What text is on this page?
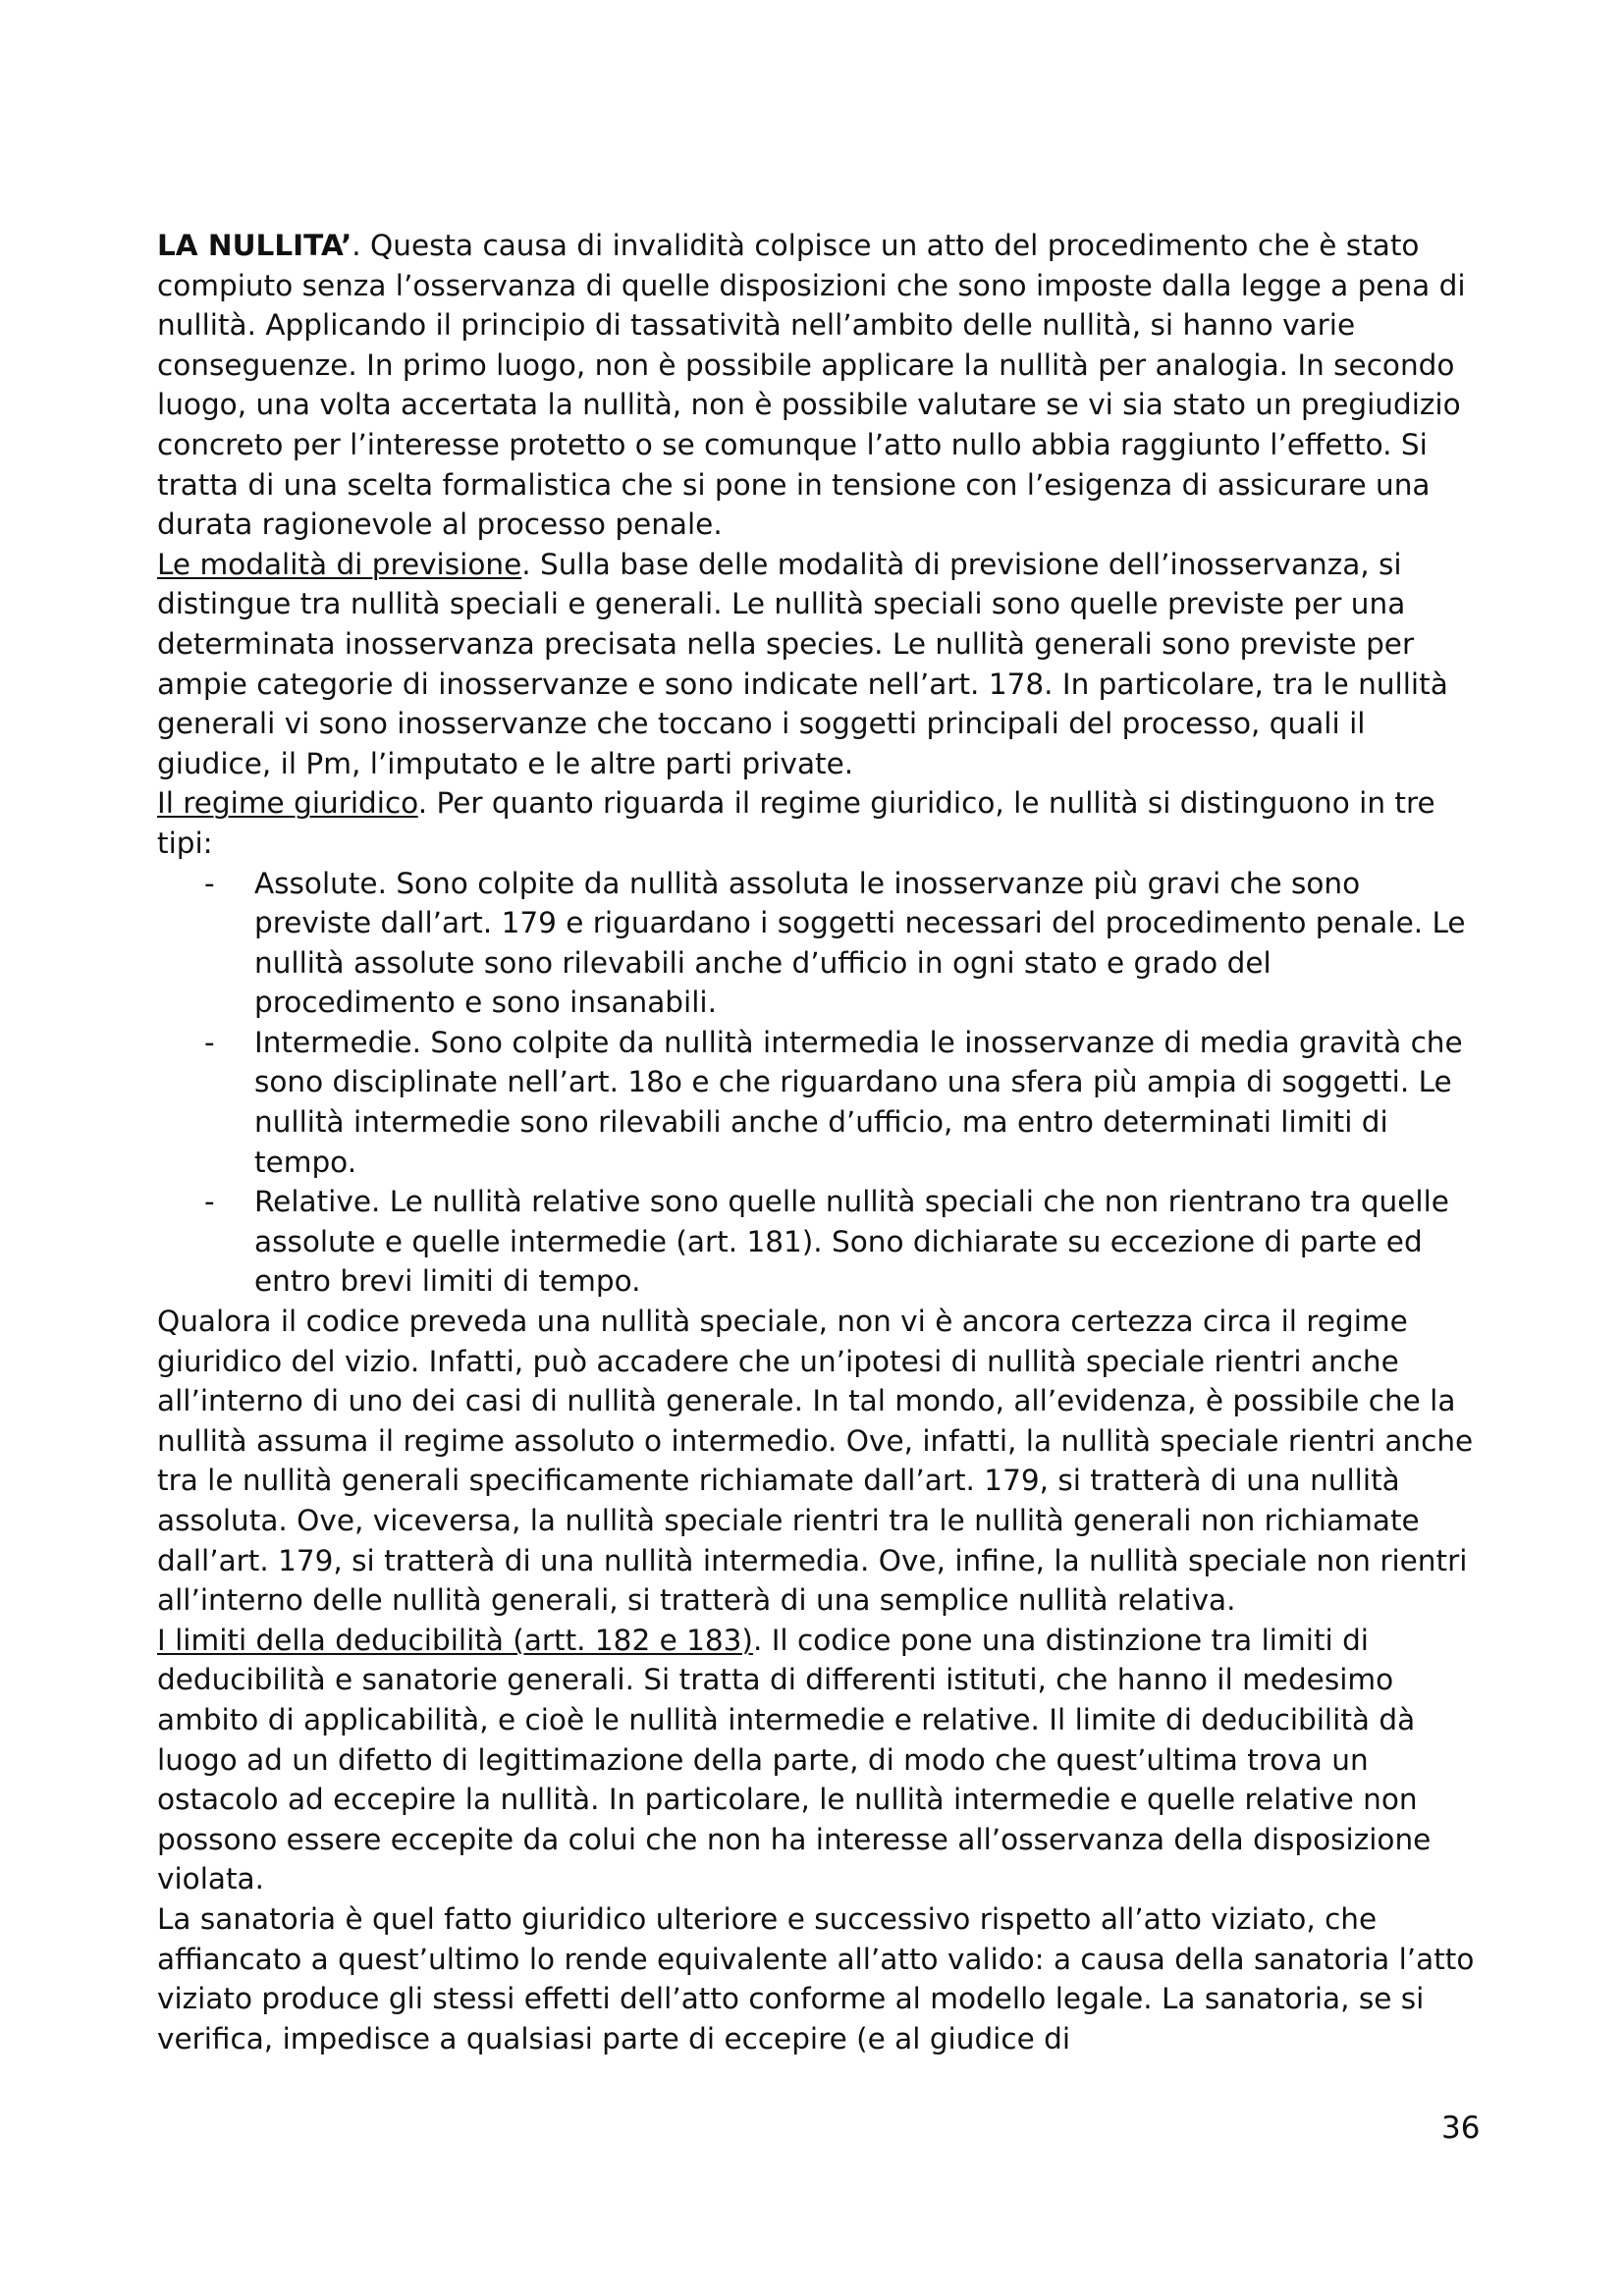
LA NULLITA’. Questa causa di invalidità colpisce un atto del procedimento che è stato compiuto senza l’osservanza di quelle disposizioni che sono imposte dalla legge a pena di nullità. Applicando il principio di tassatività nell’ambito delle nullità, si hanno varie conseguenze. In primo luogo, non è possibile applicare la nullità per analogia. In secondo luogo, una volta accertata la nullità, non è possibile valutare se vi sia stato un pregiudizio concreto per l’interesse protetto o se comunque l’atto nullo abbia raggiunto l’effetto. Si tratta di una scelta formalistica che si pone in tensione con l’esigenza di assicurare una durata ragionevole al processo penale.

Le modalità di previsione. Sulla base delle modalità di previsione dell’inosservanza, si distingue tra nullità speciali e generali. Le nullità speciali sono quelle previste per una determinata inosservanza precisata nella species. Le nullità generali sono previste per ampie categorie di inosservanze e sono indicate nell’art. 178. In particolare, tra le nullità generali vi sono inosservanze che toccano i soggetti principali del processo, quali il giudice, il Pm, l’imputato e le altre parti private.

Il regime giuridico. Per quanto riguarda il regime giuridico, le nullità si distinguono in tre tipi:

- Assolute. Sono colpite da nullità assoluta le inosservanze più gravi che sono previste dall’art. 179 e riguardano i soggetti necessari del procedimento penale. Le nullità assolute sono rilevabili anche d’ufficio in ogni stato e grado del procedimento e sono insanabili.
- Intermedie. Sono colpite da nullità intermedia le inosservanze di media gravità che sono disciplinate nell’art. 18o e che riguardano una sfera più ampia di soggetti. Le nullità intermedie sono rilevabili anche d’ufficio, ma entro determinati limiti di tempo.
- Relative. Le nullità relative sono quelle nullità speciali che non rientrano tra quelle assolute e quelle intermedie (art. 181). Sono dichiarate su eccezione di parte ed entro brevi limiti di tempo.

Qualora il codice preveda una nullità speciale, non vi è ancora certezza circa il regime giuridico del vizio. Infatti, può accadere che un’ipotesi di nullità speciale rientri anche all’interno di uno dei casi di nullità generale. In tal mondo, all’evidenza, è possibile che la nullità assuma il regime assoluto o intermedio. Ove, infatti, la nullità speciale rientri anche tra le nullità generali specificamente richiamate dall’art. 179, si tratterà di una nullità assoluta. Ove, viceversa, la nullità speciale rientri tra le nullità generali non richiamate dall’art. 179, si tratterà di una nullità intermedia. Ove, infine, la nullità speciale non rientri all’interno delle nullità generali, si tratterà di una semplice nullità relativa.

I limiti della deducibilità (artt. 182 e 183). Il codice pone una distinzione tra limiti di deducibilità e sanatorie generali. Si tratta di differenti istituti, che hanno il medesimo ambito di applicabilità, e cioè le nullità intermedie e relative. Il limite di deducibilità dà luogo ad un difetto di legittimazione della parte, di modo che quest’ultima trova un ostacolo ad eccepire la nullità. In particolare, le nullità intermedie e quelle relative non possono essere eccepite da colui che non ha interesse all’osservanza della disposizione violata.

La sanatoria è quel fatto giuridico ulteriore e successivo rispetto all’atto viziato, che affiancato a quest’ultimo lo rende equivalente all’atto valido: a causa della sanatoria l’atto viziato produce gli stessi effetti dell’atto conforme al modello legale. La sanatoria, se si verifica, impedisce a qualsiasi parte di eccepire (e al giudice di

36
